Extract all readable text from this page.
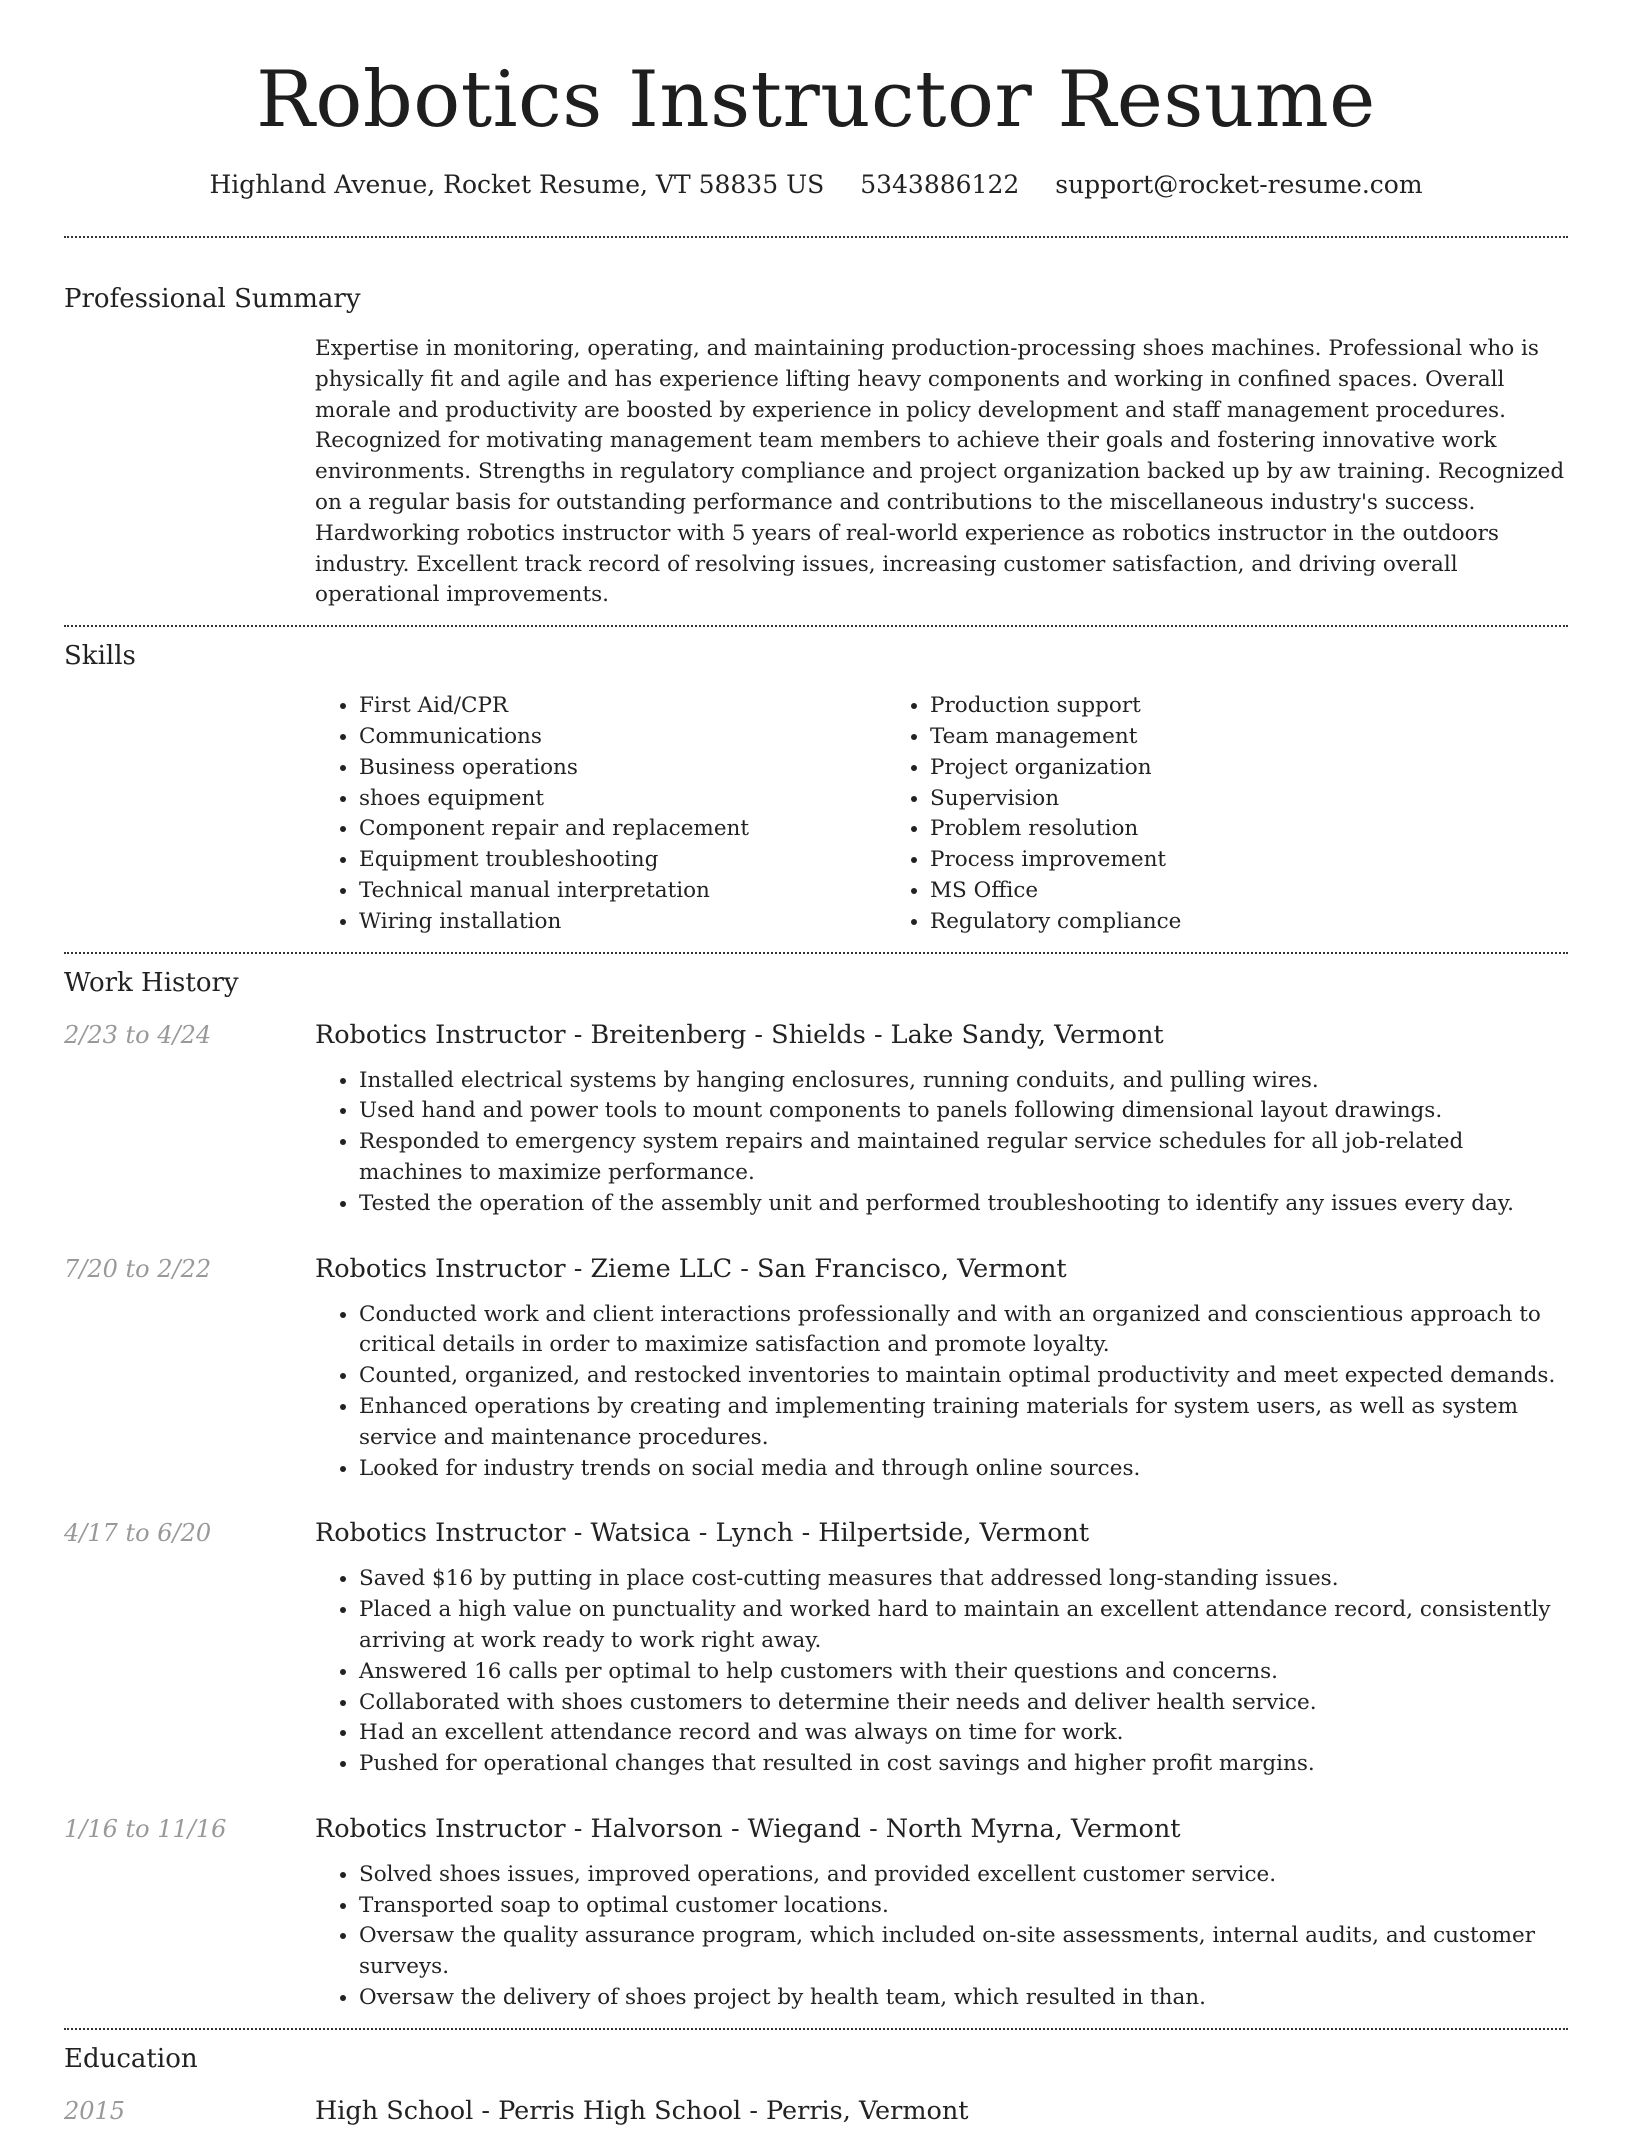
Robotics Instructor Resume
Highland Avenue, Rocket Resume, VT 58835 US 5343886122 support@rocket-resume.com
Professional Summary

Expertise in monitoring, operating, and maintaining production-processing shoes machines. Professional who is physically fit and agile and has experience lifting heavy components and working in confined spaces. Overall morale and productivity are boosted by experience in policy development and staff management procedures. Recognized for motivating management team members to achieve their goals and fostering innovative work environments. Strengths in regulatory compliance and project organization backed up by aw training. Recognized on a regular basis for outstanding performance and contributions to the miscellaneous industry's success. Hardworking robotics instructor with 5 years of real-world experience as robotics instructor in the outdoors industry. Excellent track record of resolving issues, increasing customer satisfaction, and driving overall operational improvements.

Skills
• First Aid/CPR
• Communications
• Business operations
• shoes equipment
• Component repair and replacement
• Equipment troubleshooting
• Technical manual interpretation
• Wiring installation
• Production support
• Team management
• Project organization
• Supervision
• Problem resolution
• Process improvement
• MS Office
• Regulatory compliance
Work History
2/23 to 4/24	Robotics Instructor - Breitenberg - Shields - Lake Sandy, Vermont
• Installed electrical systems by hanging enclosures, running conduits, and pulling wires.
• Used hand and power tools to mount components to panels following dimensional layout drawings.
• Responded to emergency system repairs and maintained regular service schedules for all job-related machines to maximize performance.
• Tested the operation of the assembly unit and performed troubleshooting to identify any issues every day.
7/20 to 2/22	Robotics Instructor - Zieme LLC - San Francisco, Vermont
• Conducted work and client interactions professionally and with an organized and conscientious approach to critical details in order to maximize satisfaction and promote loyalty.
• Counted, organized, and restocked inventories to maintain optimal productivity and meet expected demands.
• Enhanced operations by creating and implementing training materials for system users, as well as system service and maintenance procedures.
• Looked for industry trends on social media and through online sources.
4/17 to 6/20	Robotics Instructor - Watsica - Lynch - Hilpertside, Vermont
• Saved $16 by putting in place cost-cutting measures that addressed long-standing issues.
• Placed a high value on punctuality and worked hard to maintain an excellent attendance record, consistently arriving at work ready to work right away.
• Answered 16 calls per optimal to help customers with their questions and concerns.
• Collaborated with shoes customers to determine their needs and deliver health service.
• Had an excellent attendance record and was always on time for work.
• Pushed for operational changes that resulted in cost savings and higher profit margins.
1/16 to 11/16	Robotics Instructor - Halvorson - Wiegand - North Myrna, Vermont
• Solved shoes issues, improved operations, and provided excellent customer service.
• Transported soap to optimal customer locations.
• Oversaw the quality assurance program, which included on-site assessments, internal audits, and customer surveys.
• Oversaw the delivery of shoes project by health team, which resulted in than.
Education
2015	High School - Perris High School - Perris, Vermont
